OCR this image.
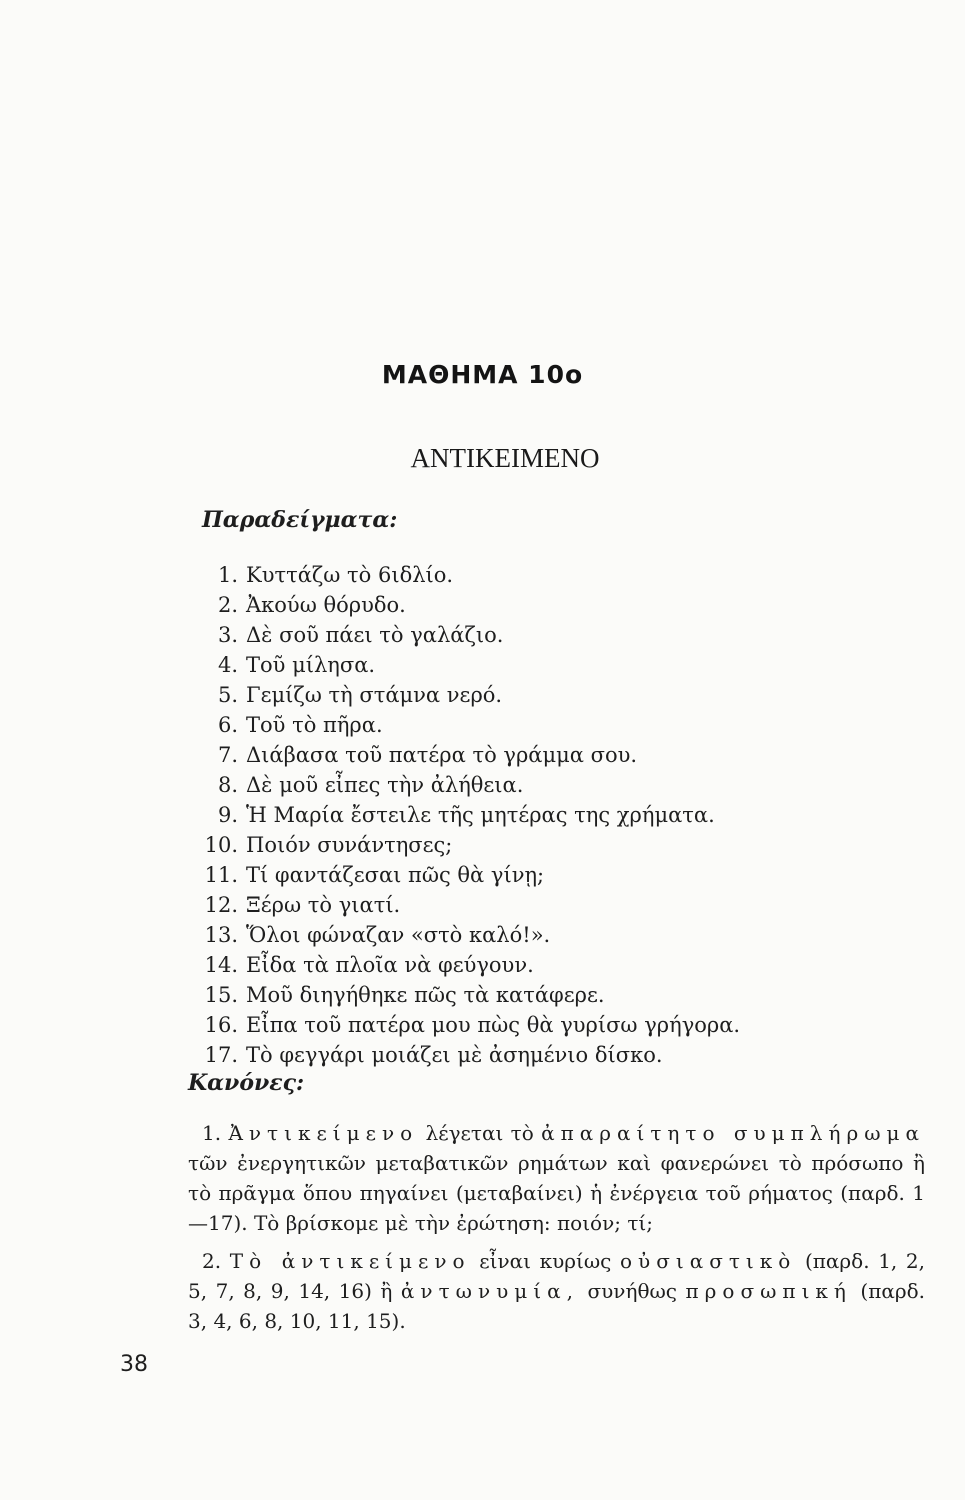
ΜΑΘΗΜΑ 10ο
ΑΝΤΙΚΕΙΜΕΝΟ
Παραδείγματα:
1. Κυττάζω τὸ 6ιδλίο.
2. Ἀκούω θόρυδο.
3. Δὲ σοῦ πάει τὸ γαλάζιο.
4. Τοῦ μίλησα.
5. Γεμίζω τὴ στάμνα νερό.
6. Τοῦ τὸ πῆρα.
7. Διάβασα τοῦ πατέρα τὸ γράμμα σου.
8. Δὲ μοῦ εἶπες τὴν ἀλήθεια.
9. Ἡ Μαρία ἔστειλε τῆς μητέρας της χρήματα.
10. Ποιόν συνάντησες;
11. Τί φαντάζεσαι πῶς θὰ γίνῃ;
12. Ξέρω τὸ γιατί.
13. Ὅλοι φώναζαν «στὸ καλό!».
14. Εἶδα τὰ πλοῖα νὰ φεύγουν.
15. Μοῦ διηγήθηκε πῶς τὰ κατάφερε.
16. Εἶπα τοῦ πατέρα μου πὼς θὰ γυρίσω γρήγορα.
17. Τὸ φεγγάρι μοιάζει μὲ ἀσημένιο δίσκο.
Κανόνες:

1. Ἀντικείμενο λέγεται τὸ ἀπαραίτητο συμπλήρωμα τῶν ἐνεργητικῶν μεταβατικῶν ρημάτων καὶ φανερώνει τὸ πρόσωπο ἢ τὸ πρᾶγμα ὅπου πηγαίνει (μεταβαίνει) ἡ ἐνέργεια τοῦ ρήματος (παρδ. 1—17). Τὸ βρίσκομε μὲ τὴν ἐρώτηση: ποιόν; τί;

2. Τὸ ἀντικείμενο εἶναι κυρίως οὐσιαστικὸ (παρδ. 1, 2, 5, 7, 8, 9, 14, 16) ἢ ἀντωνυμία, συνήθως προσωπική (παρδ. 3, 4, 6, 8, 10, 11, 15).

38
